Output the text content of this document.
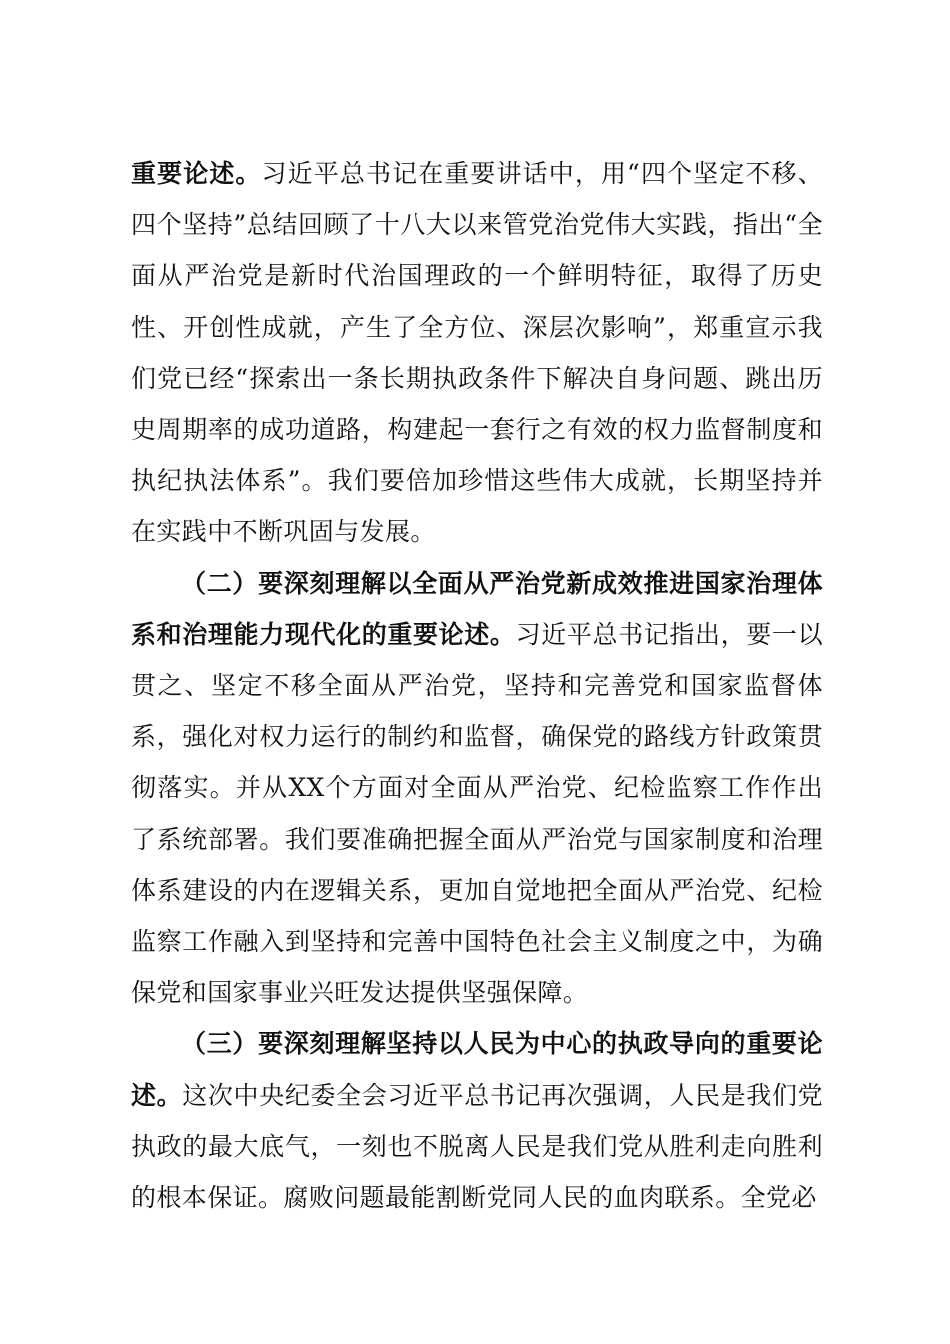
重要论述。习近平总书记在重要讲话中，用“四个坚定不移、四个坚持”总结回顾了十八大以来管党治党伟大实践，指出“全面从严治党是新时代治国理政的一个鲜明特征，取得了历史性、开创性成就，产生了全方位、深层次影响”，郑重宣示我们党已经“探索出一条长期执政条件下解决自身问题、跳出历史周期率的成功道路，构建起一套行之有效的权力监督制度和执纪执法体系”。我们要倍加珍惜这些伟大成就，长期坚持并在实践中不断巩固与发展。

（二）要深刻理解以全面从严治党新成效推进国家治理体系和治理能力现代化的重要论述。习近平总书记指出，要一以贯之、坚定不移全面从严治党，坚持和完善党和国家监督体系，强化对权力运行的制约和监督，确保党的路线方针政策贯彻落实。并从XX个方面对全面从严治党、纪检监察工作作出了系统部署。我们要准确把握全面从严治党与国家制度和治理体系建设的内在逻辑关系，更加自觉地把全面从严治党、纪检监察工作融入到坚持和完善中国特色社会主义制度之中，为确保党和国家事业兴旺发达提供坚强保障。

（三）要深刻理解坚持以人民为中心的执政导向的重要论述。这次中央纪委全会习近平总书记再次强调，人民是我们党执政的最大底气，一刻也不脱离人民是我们党从胜利走向胜利的根本保证。腐败问题最能割断党同人民的血肉联系。全党必
